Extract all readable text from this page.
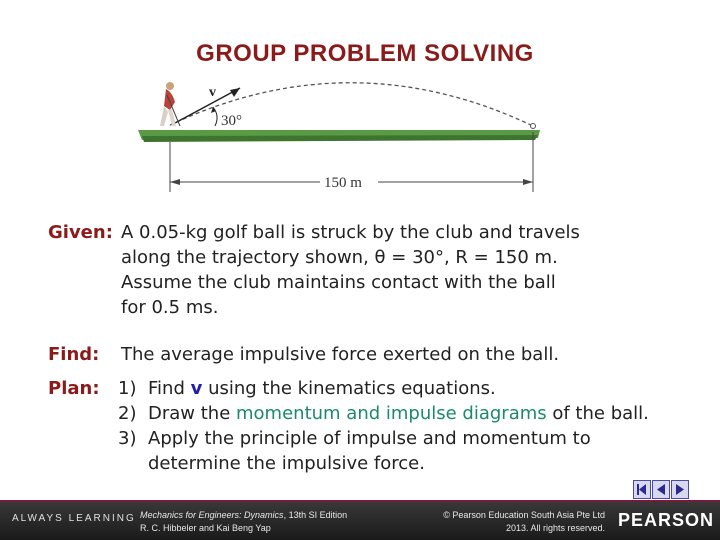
GROUP PROBLEM SOLVING
v
30°
150 m
Given: A 0.05-kg golf ball is struck by the club and travels
along the trajectory shown, θ = 30°, R = 150 m.
Assume the club maintains contact with the ball
for 0.5 ms.
Find: The average impulsive force exerted on the ball.
Plan: 1) Find v using the kinematics equations.
2) Draw the momentum and impulse diagrams of the ball.
3) Apply the principle of impulse and momentum to
determine the impulsive force.
ALWAYS LEARNING Mechanics for Engineers: Dynamics, 13th SI Edition
R. C. Hibbeler and Kai Beng Yap
© Pearson Education South Asia Pte Ltd
2013. All rights reserved. PEARSON
